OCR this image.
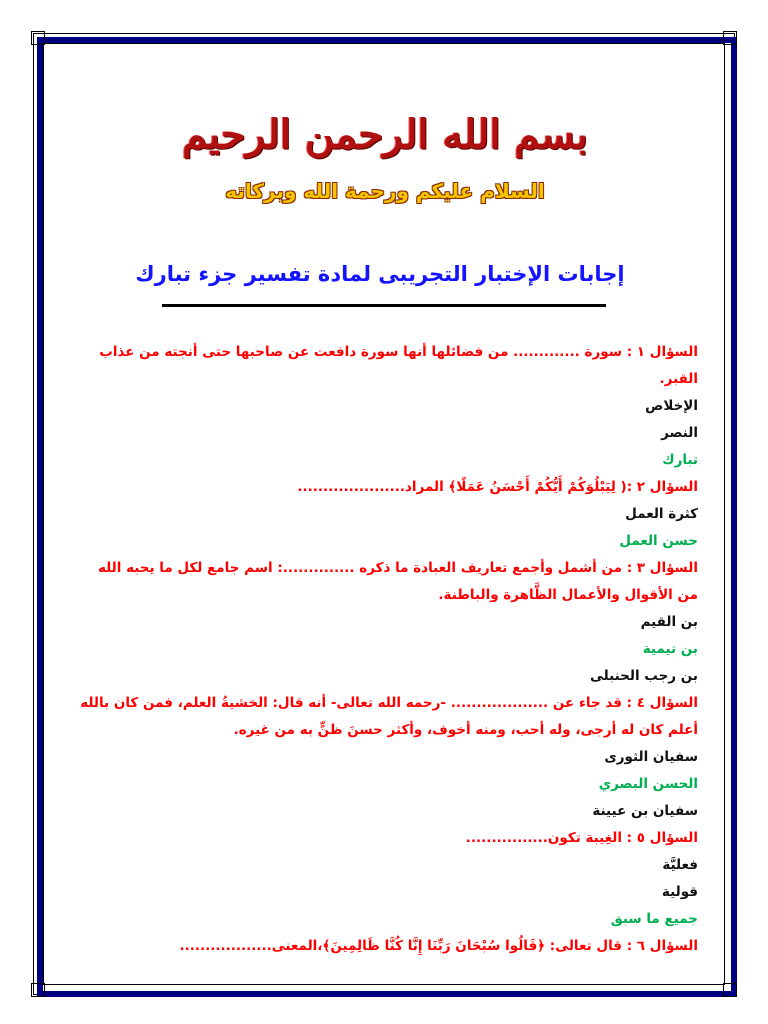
بسم الله الرحمن الرحيم
السلام عليكم ورحمة الله وبركاته
إجابات الإختبار التجريبى لمادة تفسير جزء تبارك
السؤال ١ : سورة ............. من فضائلها أنها سورة دافعت عن صاحبها حتى أنجته من عذاب القبر.
الإخلاص
النصر
تبارك
السؤال ٢ :( لِيَبْلُوَكُمْ أَيُّكُمْ أَحْسَنُ عَمَلًا﴾ المراد.....................
كثرة العمل
حسن العمل
السؤال ٣ : من أشمل وأجمع تعاريف العبادة ما ذكره ..............: اسم جامع لكل ما يحبه الله من الأقوال والأعمال الظَّاهرة والباطنة.
بن القيم
بن تيمية
بن رجب الحنبلى
السؤال ٤ : قد جاء عن ................... -رحمه الله تعالى- أنه قال: الخشيةُ العلم، فمن كان بالله أعلم كان له أرجى، وله أحب، ومنه أخوف، وأكثر حسنَ ظنٍّ به من غيره.
سفيان الثورى
الحسن البصري
سفيان بن عيينة
السؤال ٥ : الغِيبة تكون................
فعليَّة
قولية
جميع ما سبق
السؤال ٦ : قال تعالى: ﴿قَالُوا سُبْحَانَ رَبِّنَا إِنَّا كُنَّا ظَالِمِينَ﴾،المعنى..................
